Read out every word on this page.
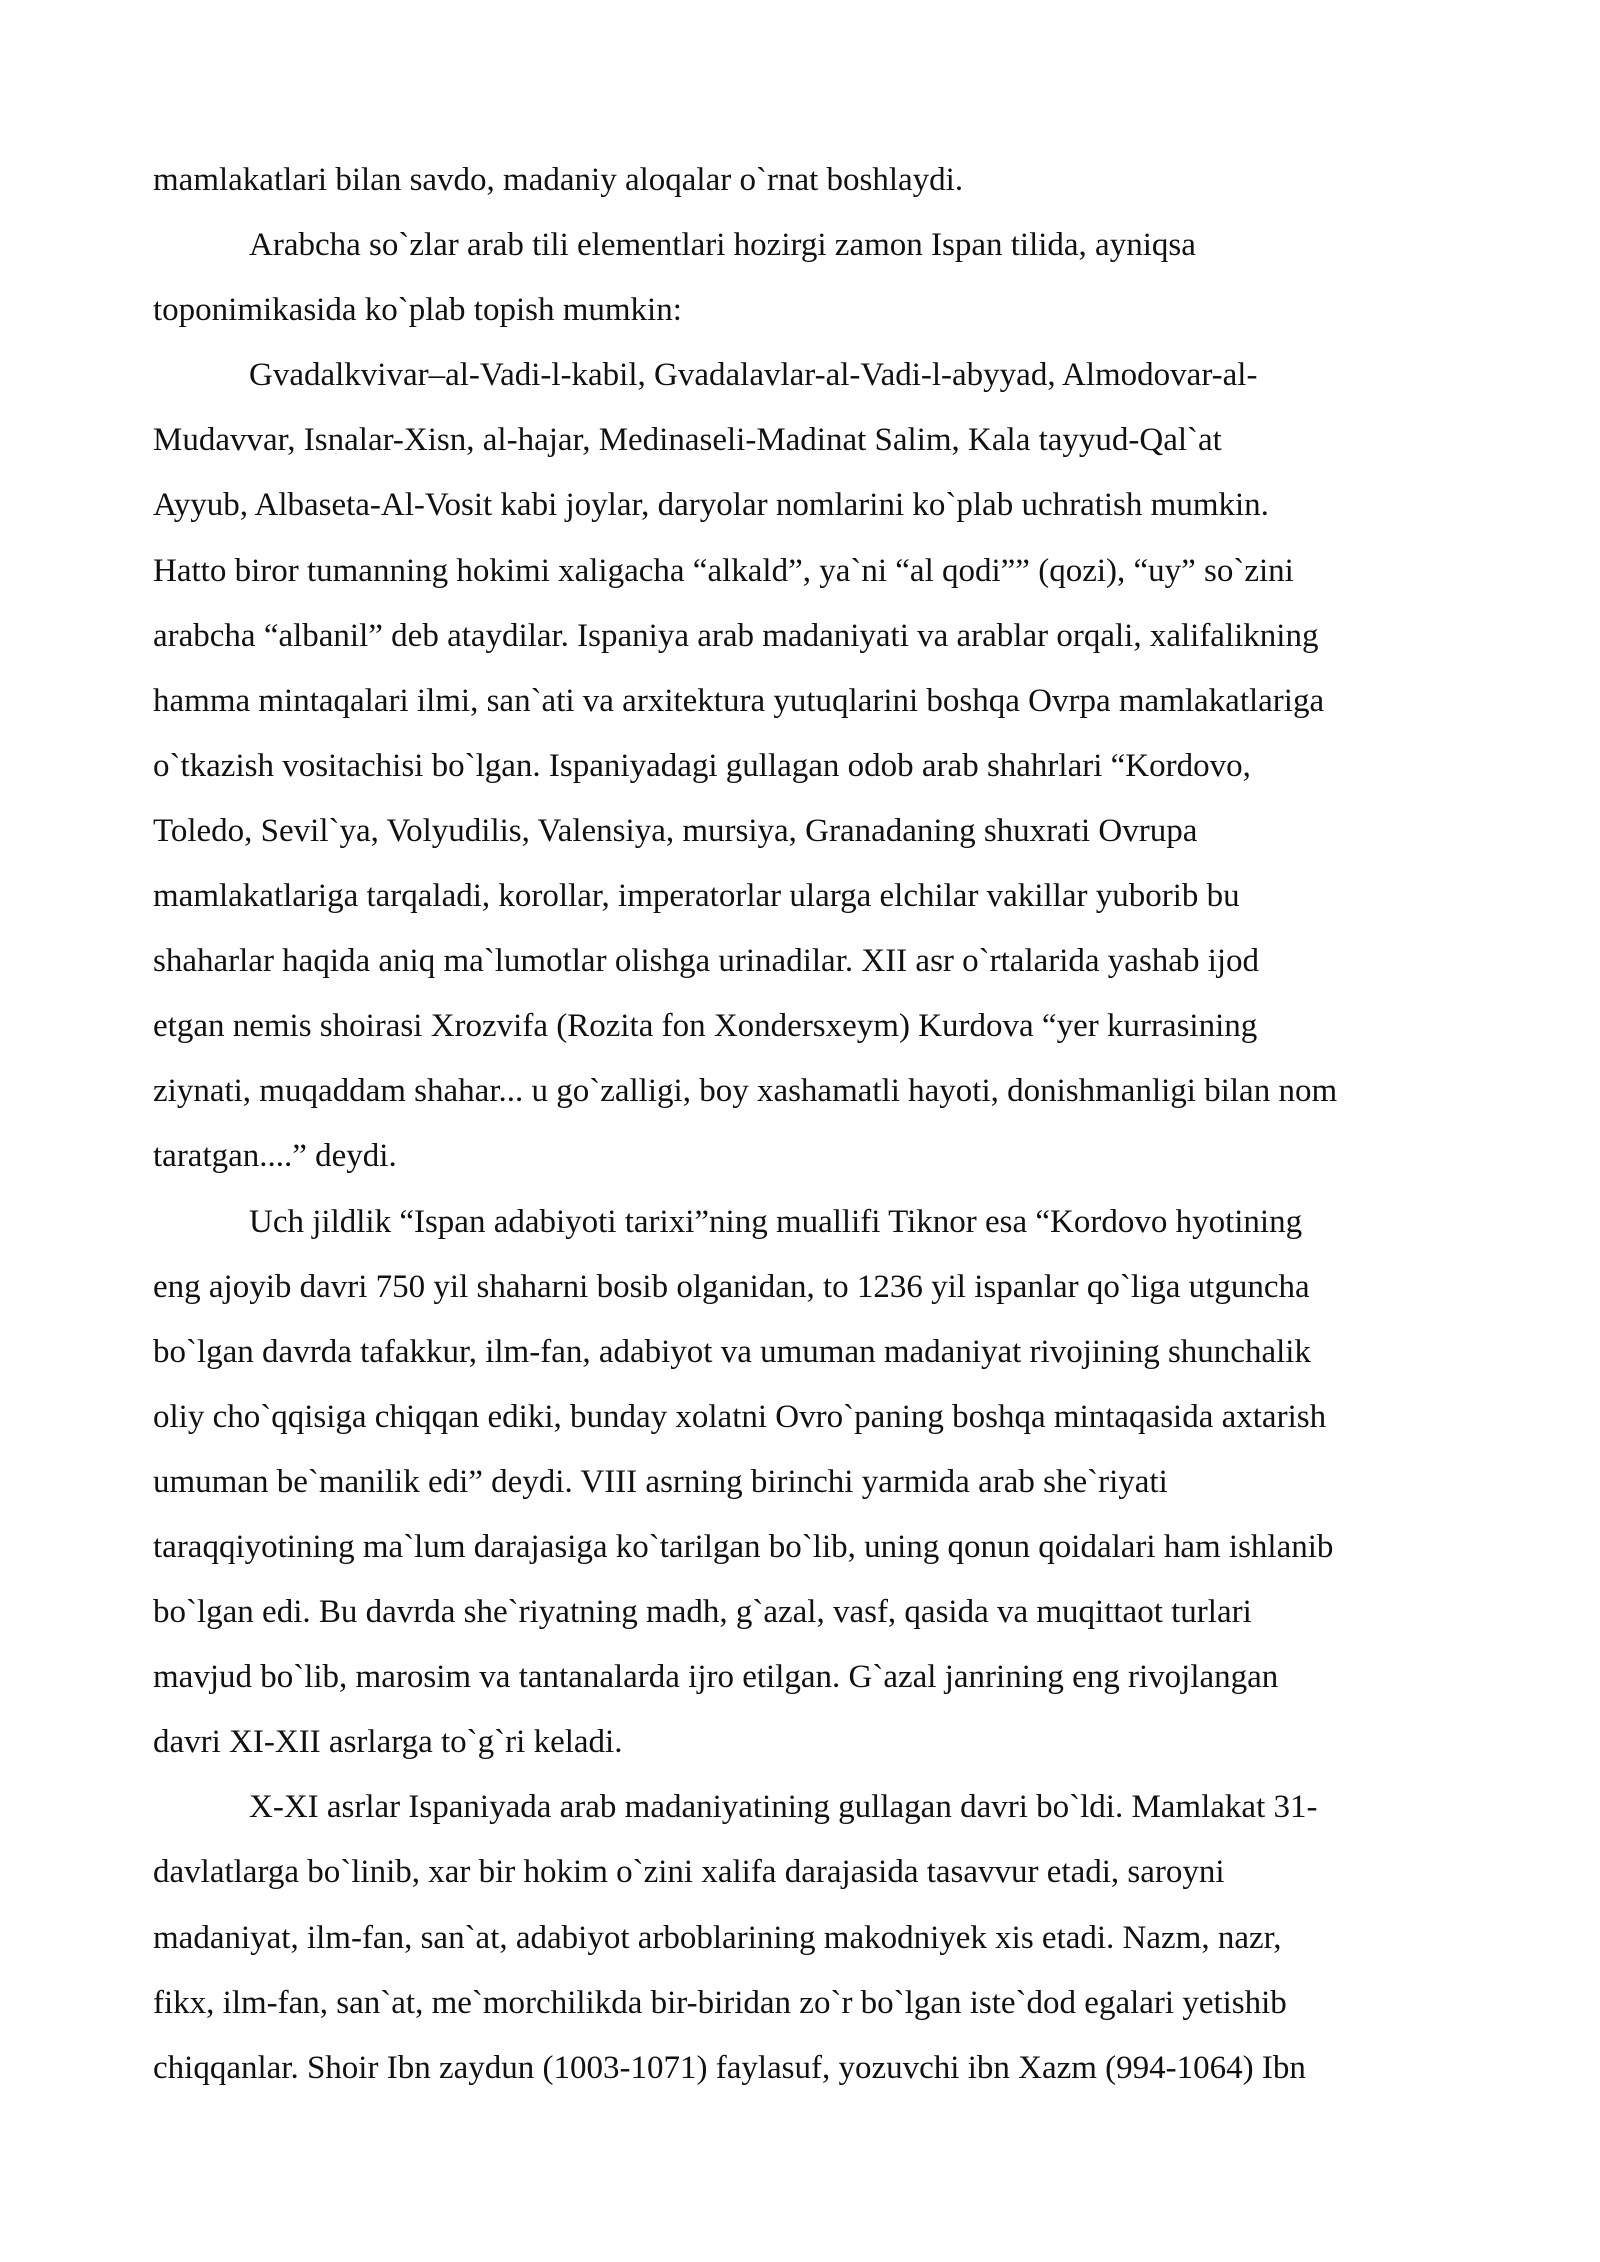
mamlakatlari bilan savdo, madaniy aloqalar o`rnat boshlaydi.
Arabcha so`zlar arab tili elementlari hozirgi zamon Ispan tilida, ayniqsa
toponimikasida ko`plab topish mumkin:
Gvadalkvivar–al-Vadi-l-kabil, Gvadalavlar-al-Vadi-l-abyyad, Almodovar-al-
Mudavvar, Isnalar-Xisn, al-hajar, Medinaseli-Madinat Salim, Kala tayyud-Qal`at
Ayyub, Albaseta-Al-Vosit kabi joylar, daryolar nomlarini ko`plab uchratish mumkin.
Hatto biror tumanning hokimi xaligacha “alkald”, ya`ni “al qodi”” (qozi), “uy” so`zini
arabcha “albanil” deb ataydilar. Ispaniya arab madaniyati va arablar orqali, xalifalikning
hamma mintaqalari ilmi, san`ati va arxitektura yutuqlarini boshqa Ovrpa mamlakatlariga
o`tkazish vositachisi bo`lgan. Ispaniyadagi gullagan odob arab shahrlari “Kordovo,
Toledo, Sevil`ya, Volyudilis, Valensiya, mursiya, Granadaning shuxrati Ovrupa
mamlakatlariga tarqaladi, korollar, imperatorlar ularga elchilar vakillar yuborib bu
shaharlar haqida aniq ma`lumotlar olishga urinadilar. XII asr o`rtalarida yashab ijod
etgan nemis shoirasi Xrozvifa (Rozita fon Xondersxeym) Kurdova “yer kurrasining
ziynati, muqaddam shahar... u go`zalligi, boy xashamatli hayoti, donishmanligi bilan nom
taratgan....” deydi.
Uch jildlik “Ispan adabiyoti tarixi”ning muallifi Tiknor esa “Kordovo hyotining
eng ajoyib davri 750 yil shaharni bosib olganidan, to 1236 yil ispanlar qo`liga utguncha
bo`lgan davrda tafakkur, ilm-fan, adabiyot va umuman madaniyat rivojining shunchalik
oliy cho`qqisiga chiqqan ediki, bunday xolatni Ovro`paning boshqa mintaqasida axtarish
umuman be`manilik edi” deydi. VIII asrning birinchi yarmida arab she`riyati
taraqqiyotining ma`lum darajasiga ko`tarilgan bo`lib, uning qonun qoidalari ham ishlanib
bo`lgan edi. Bu davrda she`riyatning madh, g`azal, vasf, qasida va muqittaot turlari
mavjud bo`lib, marosim va tantanalarda ijro etilgan. G`azal janrining eng rivojlangan
davri XI-XII asrlarga to`g`ri keladi.
X-XI asrlar Ispaniyada arab madaniyatining gullagan davri bo`ldi. Mamlakat 31-
davlatlarga bo`linib, xar bir hokim o`zini xalifa darajasida tasavvur etadi, saroyni
madaniyat, ilm-fan, san`at, adabiyot arboblarining makodniyek xis etadi. Nazm, nazr,
fikx, ilm-fan, san`at, me`morchilikda bir-biridan zo`r bo`lgan iste`dod egalari yetishib
chiqqanlar. Shoir Ibn zaydun (1003-1071) faylasuf, yozuvchi ibn Xazm (994-1064) Ibn
